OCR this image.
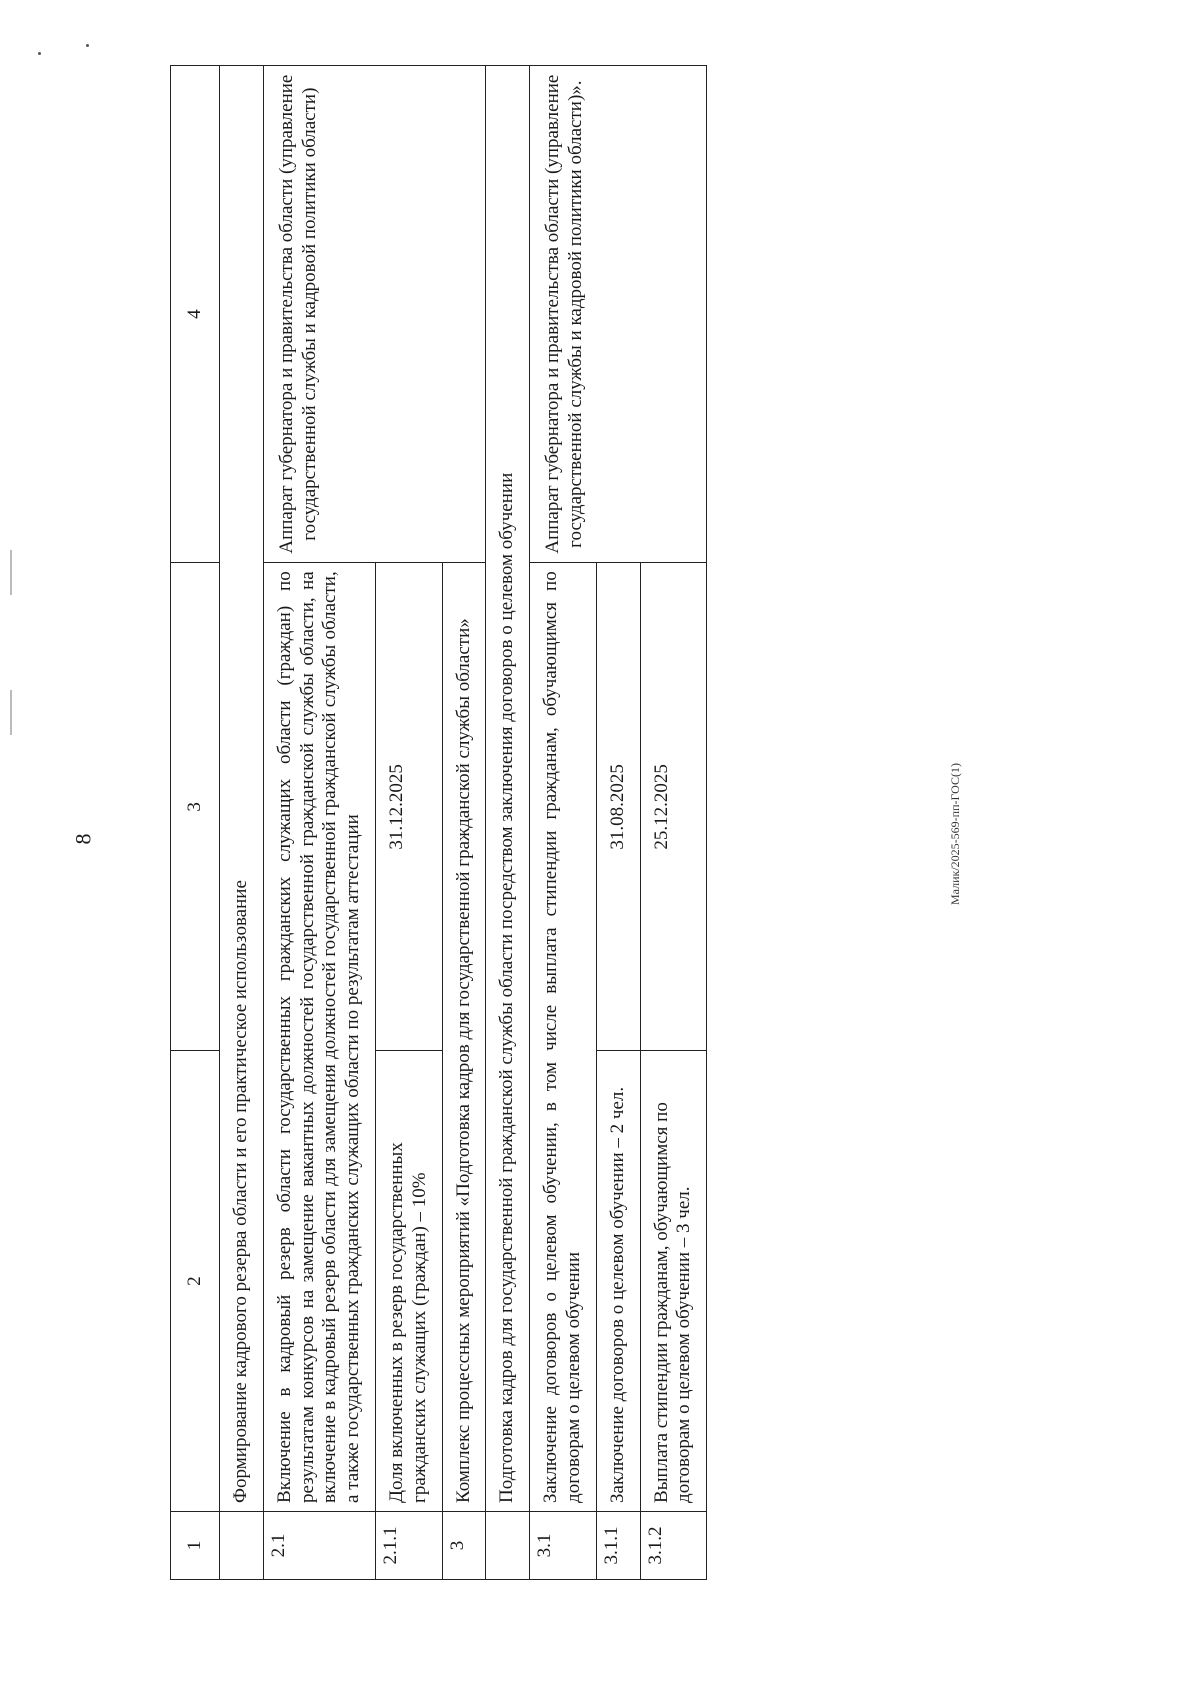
8
1	2	3	4
	Формирование кадрового резерва области и его практическое использование		
2.1	Включение в кадровый резерв области государственных гражданских служащих области (граждан) по результатам конкурсов на замещение вакантных должностей государственной гражданской службы области, на включение в кадровый резерв области для замещения должностей государственной гражданской службы области, а также государственных гражданских служащих области по результатам аттестации		Аппарат губернатора и правительства области (управление государственной службы и кадровой политики области)
2.1.1	Доля включенных в резерв государственных гражданских служащих (граждан) – 10%	31.12.2025	
3	Комплекс процессных мероприятий «Подготовка кадров для государственной гражданской службы области»		
	Подготовка кадров для государственной гражданской службы области посредством заключения договоров о целевом обучении		
3.1	Заключение договоров о целевом обучении, в том числе выплата стипендии гражданам, обучающимся по договорам о целевом обучении		Аппарат губернатора и правительства области (управление государственной службы и кадровой политики области)».
3.1.1	Заключение договоров о целевом обучении – 2 чел.	31.08.2025	
3.1.2	Выплата стипендии гражданам, обучающимся по договорам о целевом обучении – 3 чел.	25.12.2025		Малик/2025-569-пп-ГОС(1)
